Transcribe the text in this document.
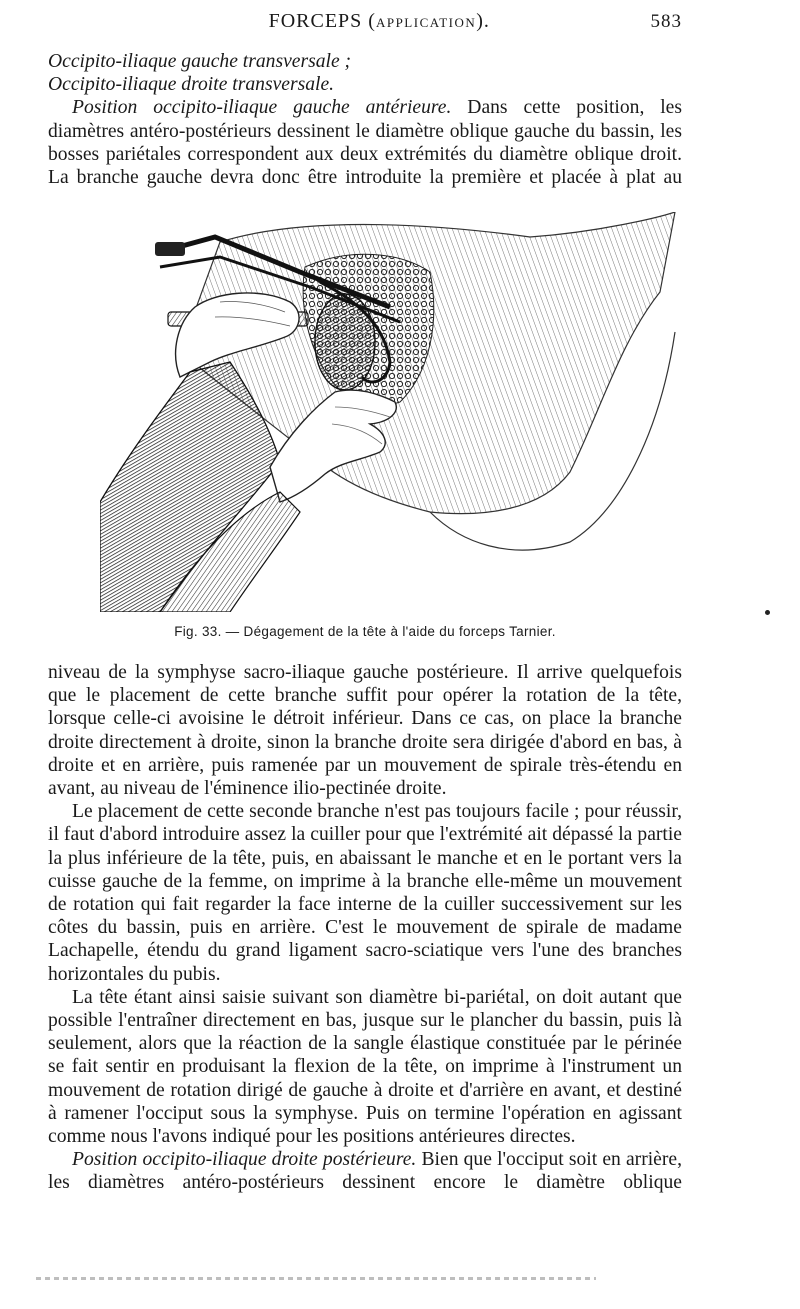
FORCEPS (APPLICATION).	583

Occipito-iliaque gauche transversale ;

Occipito-iliaque droite transversale.

Position occipito-iliaque gauche antérieure. Dans cette position, les diamètres antéro-postérieurs dessinent le diamètre oblique gauche du bassin, les bosses pariétales correspondent aux deux extrémités du diamètre oblique droit. La branche gauche devra donc être introduite la première et placée à plat au

Fig. 33. — Dégagement de la tête à l'aide du forceps Tarnier.

niveau de la symphyse sacro-iliaque gauche postérieure. Il arrive quelquefois que le placement de cette branche suffit pour opérer la rotation de la tête, lorsque celle-ci avoisine le détroit inférieur. Dans ce cas, on place la branche droite directement à droite, sinon la branche droite sera dirigée d'abord en bas, à droite et en arrière, puis ramenée par un mouvement de spirale très-étendu en avant, au niveau de l'éminence ilio-pectinée droite.

Le placement de cette seconde branche n'est pas toujours facile ; pour réussir, il faut d'abord introduire assez la cuiller pour que l'extrémité ait dépassé la partie la plus inférieure de la tête, puis, en abaissant le manche et en le portant vers la cuisse gauche de la femme, on imprime à la branche elle-même un mouvement de rotation qui fait regarder la face interne de la cuiller successivement sur les côtes du bassin, puis en arrière. C'est le mouvement de spirale de madame Lachapelle, étendu du grand ligament sacro-sciatique vers l'une des branches horizontales du pubis.

La tête étant ainsi saisie suivant son diamètre bi-pariétal, on doit autant que possible l'entraîner directement en bas, jusque sur le plancher du bassin, puis là seulement, alors que la réaction de la sangle élastique constituée par le périnée se fait sentir en produisant la flexion de la tête, on imprime à l'instrument un mouvement de rotation dirigé de gauche à droite et d'arrière en avant, et destiné à ramener l'occiput sous la symphyse. Puis on termine l'opération en agissant comme nous l'avons indiqué pour les positions antérieures directes.

Position occipito-iliaque droite postérieure. Bien que l'occiput soit en arrière, les diamètres antéro-postérieurs dessinent encore le diamètre oblique
